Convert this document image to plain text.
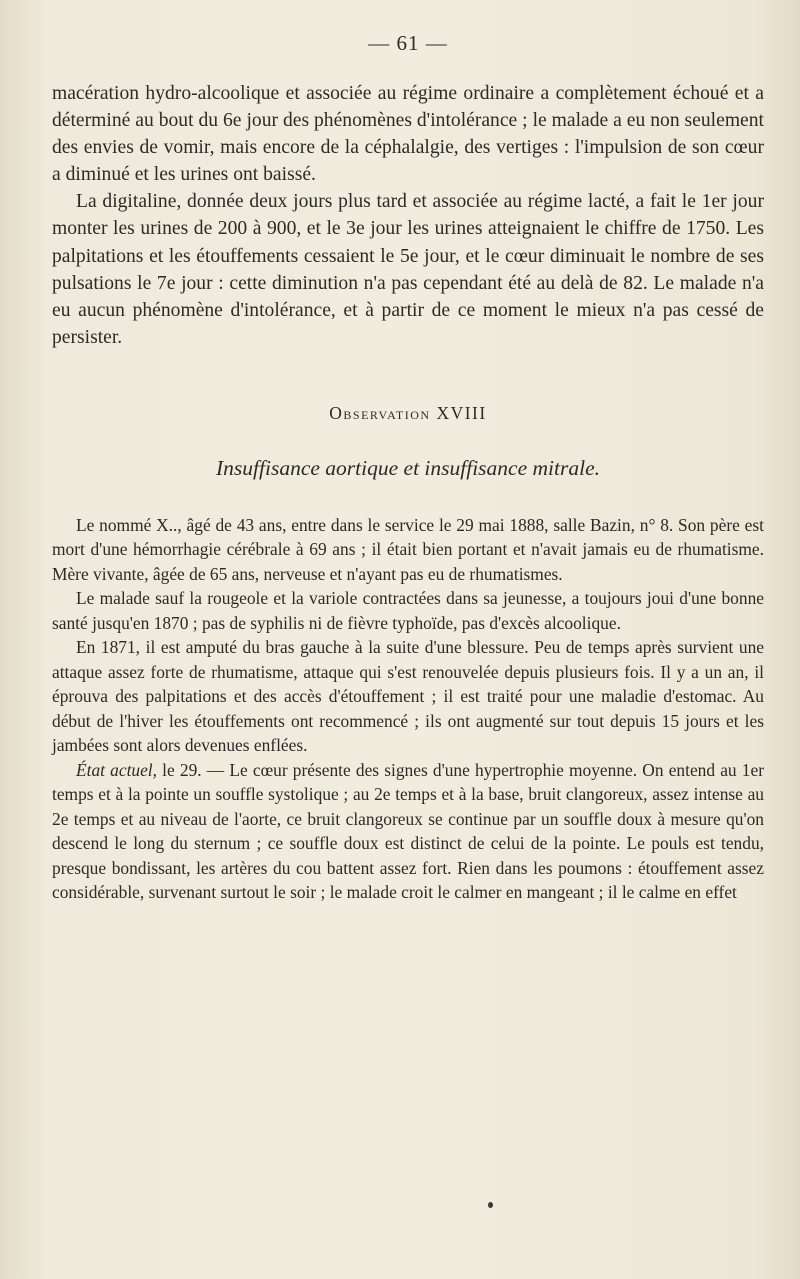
— 61 —

macération hydro-alcoolique et associée au régime ordinaire a complètement échoué et a déterminé au bout du 6e jour des phénomènes d'intolérance ; le malade a eu non seulement des envies de vomir, mais encore de la céphalalgie, des vertiges : l'impulsion de son cœur a diminué et les urines ont baissé.

La digitaline, donnée deux jours plus tard et associée au régime lacté, a fait le 1er jour monter les urines de 200 à 900, et le 3e jour les urines atteignaient le chiffre de 1750. Les palpitations et les étouffements cessaient le 5e jour, et le cœur diminuait le nombre de ses pulsations le 7e jour : cette diminution n'a pas cependant été au delà de 82. Le malade n'a eu aucun phénomène d'intolérance, et à partir de ce moment le mieux n'a pas cessé de persister.

Observation XVIII
Insuffisance aortique et insuffisance mitrale.

Le nommé X.., âgé de 43 ans, entre dans le service le 29 mai 1888, salle Bazin, n° 8. Son père est mort d'une hémorrhagie cérébrale à 69 ans ; il était bien portant et n'avait jamais eu de rhumatisme. Mère vivante, âgée de 65 ans, nerveuse et n'ayant pas eu de rhumatismes.

Le malade sauf la rougeole et la variole contractées dans sa jeunesse, a toujours joui d'une bonne santé jusqu'en 1870 ; pas de syphilis ni de fièvre typhoïde, pas d'excès alcoolique.

En 1871, il est amputé du bras gauche à la suite d'une blessure. Peu de temps après survient une attaque assez forte de rhumatisme, attaque qui s'est renouvelée depuis plusieurs fois. Il y a un an, il éprouva des palpitations et des accès d'étouffement ; il est traité pour une maladie d'estomac. Au début de l'hiver les étouffements ont recommencé ; ils ont augmenté sur tout depuis 15 jours et les jambées sont alors devenues enflées.

État actuel, le 29. — Le cœur présente des signes d'une hypertrophie moyenne. On entend au 1er temps et à la pointe un souffle systolique ; au 2e temps et à la base, bruit clangoreux, assez intense au 2e temps et au niveau de l'aorte, ce bruit clangoreux se continue par un souffle doux à mesure qu'on descend le long du sternum ; ce souffle doux est distinct de celui de la pointe. Le pouls est tendu, presque bondissant, les artères du cou battent assez fort. Rien dans les poumons : étouffement assez considérable, survenant surtout le soir ; le malade croit le calmer en mangeant ; il le calme en effet
